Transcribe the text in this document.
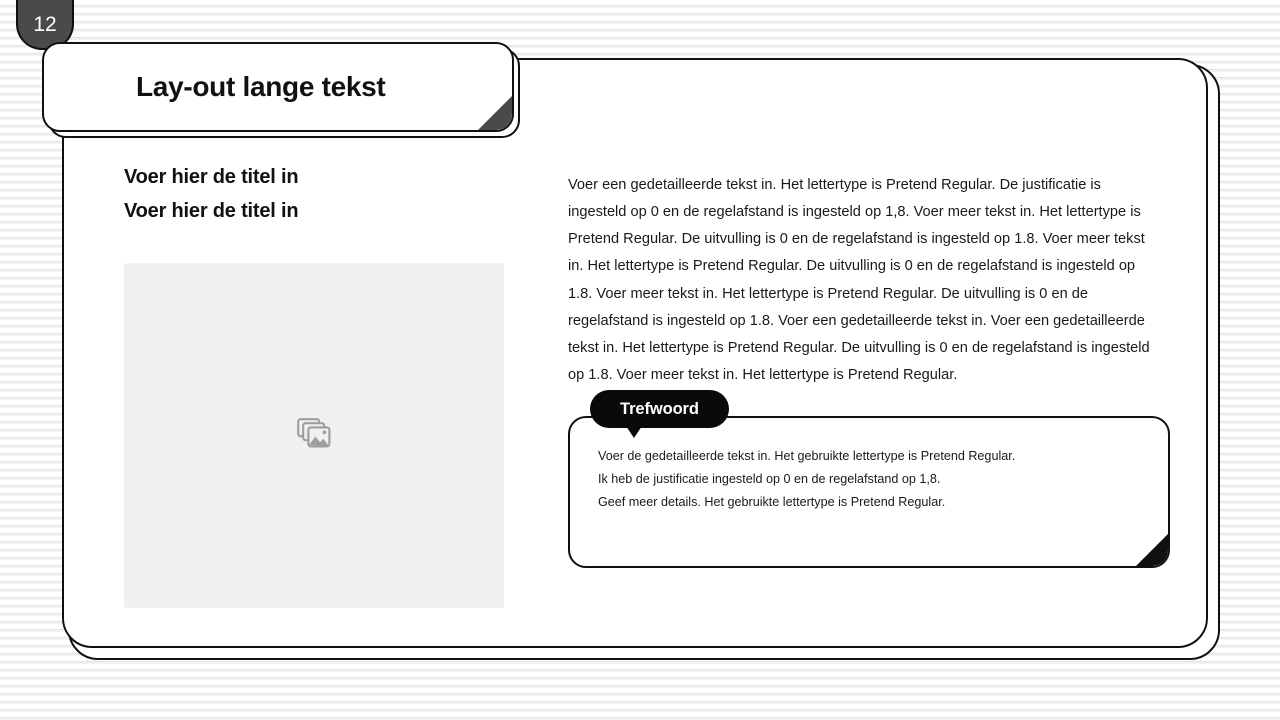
Voer hier de titel in
Voer hier de titel in

Voer een gedetailleerde tekst in. Het lettertype is Pretend Regular. De justificatie is ingesteld op 0 en de regelafstand is ingesteld op 1,8. Voer meer tekst in. Het lettertype is Pretend Regular. De uitvulling is 0 en de regelafstand is ingesteld op 1.8. Voer meer tekst in. Het lettertype is Pretend Regular. De uitvulling is 0 en de regelafstand is ingesteld op 1.8. Voer meer tekst in. Het lettertype is Pretend Regular. De uitvulling is 0 en de regelafstand is ingesteld op 1.8. Voer een gedetailleerde tekst in. Voer een gedetailleerde tekst in. Het lettertype is Pretend Regular. De uitvulling is 0 en de regelafstand is ingesteld op 1.8. Voer meer tekst in. Het lettertype is Pretend Regular.

Voer de gedetailleerde tekst in. Het gebruikte lettertype is Pretend Regular.
Ik heb de justificatie ingesteld op 0 en de regelafstand op 1,8.
Geef meer details. Het gebruikte lettertype is Pretend Regular.
Trefwoord
Lay-out lange tekst
12
